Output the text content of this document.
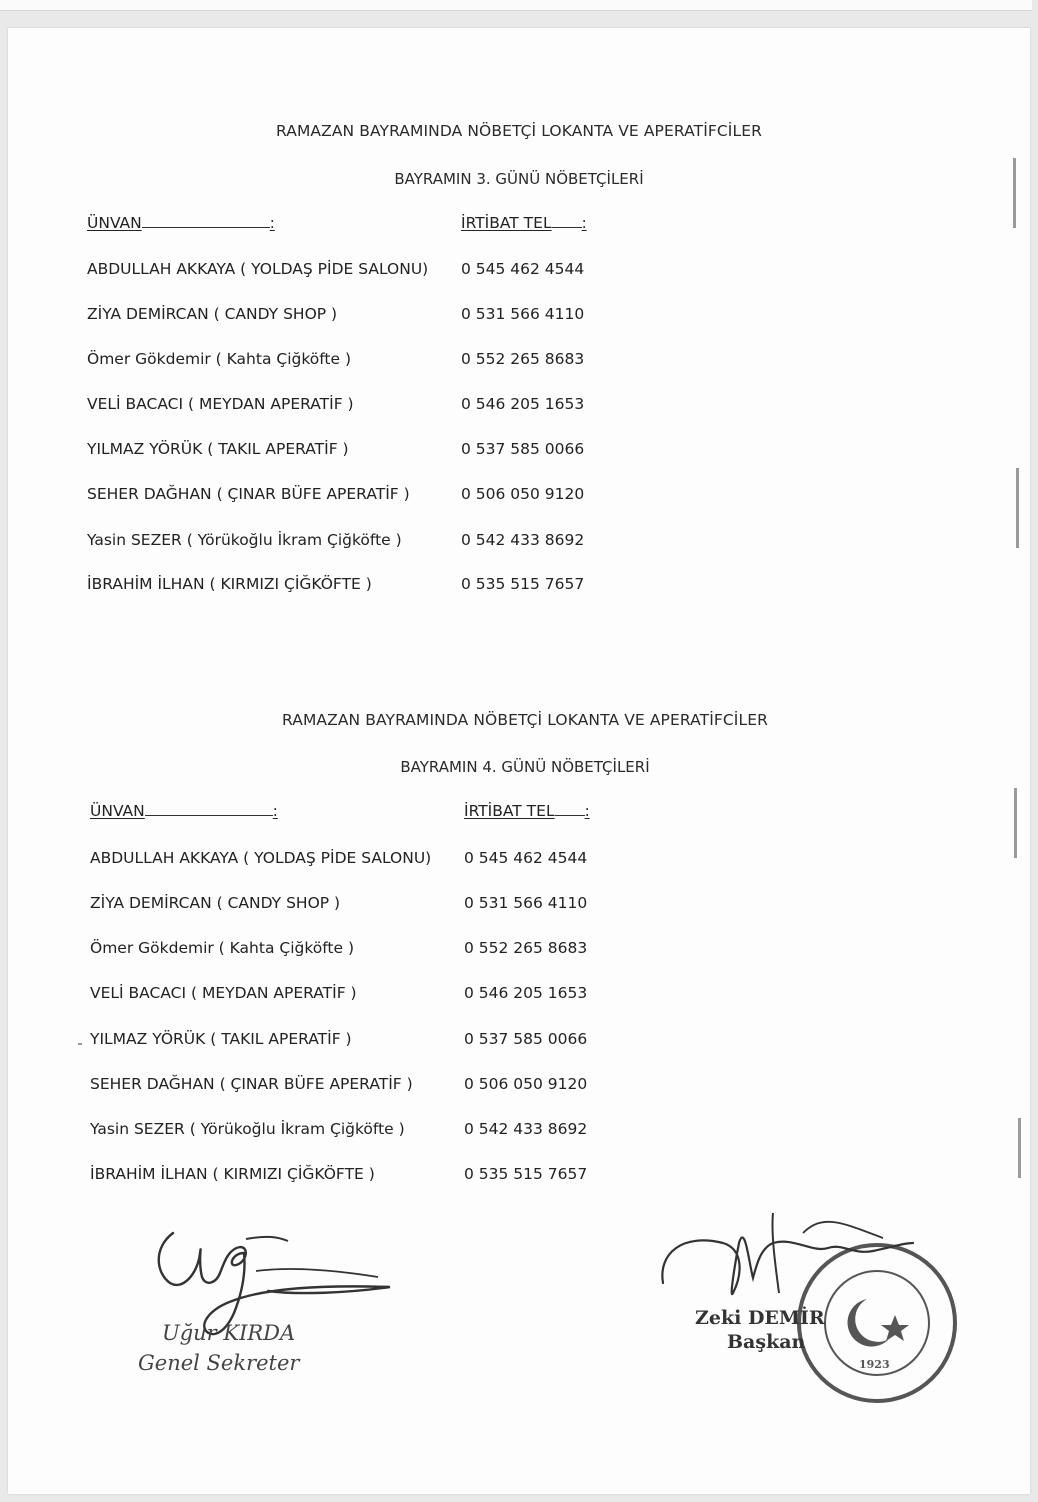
RAMAZAN BAYRAMINDA NÖBETÇİ LOKANTA VE APERATİFCİLER
BAYRAMIN 3. GÜNÜ NÖBETÇİLERİ
ÜNVAN	:	İRTİBAT TEL :
ABDULLAH AKKAYA ( YOLDAŞ PİDE SALONU) 0 545 462 4544
ZİYA DEMİRCAN ( CANDY SHOP )	0 531 566 4110
Ömer Gökdemir ( Kahta Çiğköfte )	0 552 265 8683
VELİ BACACI ( MEYDAN APERATİF )	0 546 205 1653
YILMAZ YÖRÜK ( TAKIL APERATİF )	0 537 585 0066
SEHER DAĞHAN ( ÇINAR BÜFE APERATİF )	0 506 050 9120
Yasin SEZER ( Yörükoğlu İkram Çiğköfte )	0 542 433 8692
İBRAHİM İLHAN ( KIRMIZI ÇİĞKÖFTE )	0 535 515 7657
RAMAZAN BAYRAMINDA NÖBETÇİ LOKANTA VE APERATİFCİLER
BAYRAMIN 4. GÜNÜ NÖBETÇİLERİ
ÜNVAN	:	İRTİBAT TEL :
ABDULLAH AKKAYA ( YOLDAŞ PİDE SALONU) 0 545 462 4544
ZİYA DEMİRCAN ( CANDY SHOP )	0 531 566 4110
Ömer Gökdemir ( Kahta Çiğköfte )	0 552 265 8683
VELİ BACACI ( MEYDAN APERATİF )	0 546 205 1653
YILMAZ YÖRÜK ( TAKIL APERATİF )	0 537 585 0066
SEHER DAĞHAN ( ÇINAR BÜFE APERATİF )	0 506 050 9120
Yasin SEZER ( Yörükoğlu İkram Çiğköfte )	0 542 433 8692
İBRAHİM İLHAN ( KIRMIZI ÇİĞKÖFTE )	0 535 515 7657
Uğur KIRDA
Genel Sekreter	1923
Zeki DEMİR
Başkan
